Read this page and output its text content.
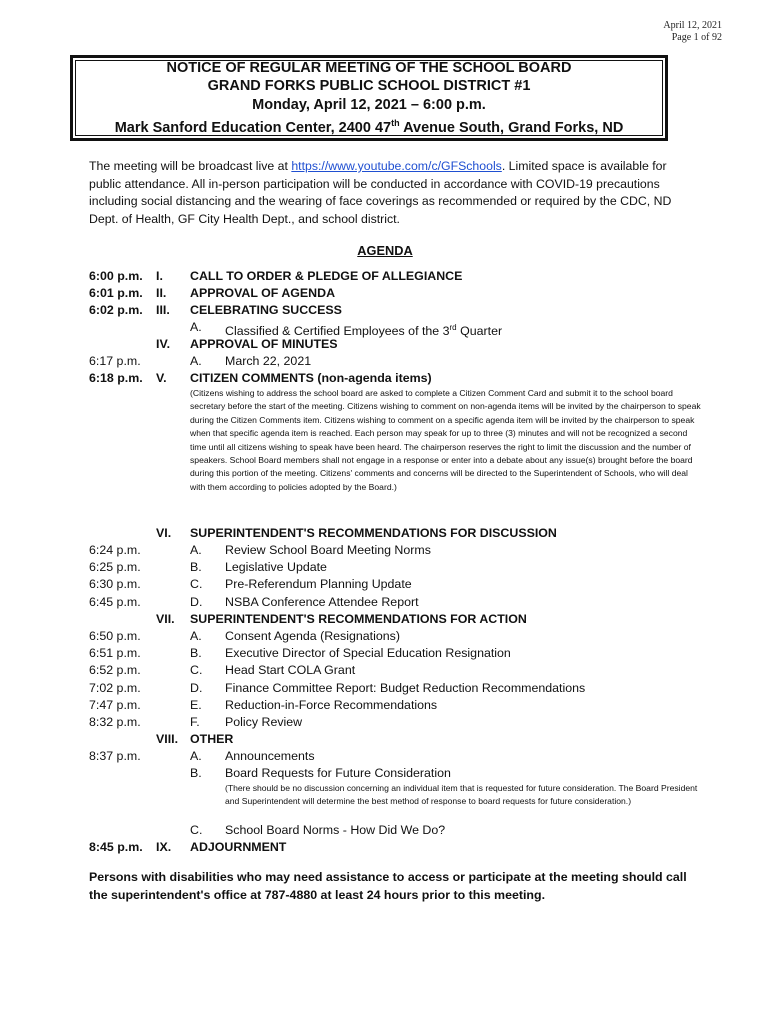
April 12, 2021
Page 1 of 92
NOTICE OF REGULAR MEETING OF THE SCHOOL BOARD
GRAND FORKS PUBLIC SCHOOL DISTRICT #1
Monday, April 12, 2021 – 6:00 p.m.
Mark Sanford Education Center, 2400 47th Avenue South, Grand Forks, ND
The meeting will be broadcast live at https://www.youtube.com/c/GFSchools. Limited space is available for public attendance. All in-person participation will be conducted in accordance with COVID-19 precautions including social distancing and the wearing of face coverings as recommended or required by the CDC, ND Dept. of Health, GF City Health Dept., and school district.
AGENDA
6:00 p.m. I. CALL TO ORDER & PLEDGE OF ALLEGIANCE
6:01 p.m. II. APPROVAL OF AGENDA
6:02 p.m. III. CELEBRATING SUCCESS
A. Classified & Certified Employees of the 3rd Quarter
IV. APPROVAL OF MINUTES
6:17 p.m.	A. March 22, 2021
6:18 p.m. V. CITIZEN COMMENTS (non-agenda items)
(Citizens wishing to address the school board are asked to complete a Citizen Comment Card and submit it to the school board secretary before the start of the meeting. Citizens wishing to comment on non-agenda items will be invited by the chairperson to speak during the Citizen Comments item. Citizens wishing to comment on a specific agenda item will be invited by the chairperson to speak when that specific agenda item is reached. Each person may speak for up to three (3) minutes and will not be recognized a second time until all citizens wishing to speak have been heard. The chairperson reserves the right to limit the discussion and the number of speakers. School Board members shall not engage in a response or enter into a debate about any issue(s) brought before the board during this portion of the meeting. Citizens' comments and concerns will be directed to the Superintendent of Schools, who will deal with them according to policies adopted by the Board.)
VI. SUPERINTENDENT'S RECOMMENDATIONS FOR DISCUSSION
6:24 p.m.	A. Review School Board Meeting Norms
6:25 p.m.	B. Legislative Update
6:30 p.m.	C. Pre-Referendum Planning Update
6:45 p.m.	D. NSBA Conference Attendee Report
VII. SUPERINTENDENT'S RECOMMENDATIONS FOR ACTION
6:50 p.m.	A. Consent Agenda (Resignations)
6:51 p.m.	B. Executive Director of Special Education Resignation
6:52 p.m.	C. Head Start COLA Grant
7:02 p.m.	D. Finance Committee Report: Budget Reduction Recommendations
7:47 p.m.	E. Reduction-in-Force Recommendations
8:32 p.m.	F. Policy Review
VIII. OTHER
8:37 p.m.	A. Announcements
B. Board Requests for Future Consideration
(There should be no discussion concerning an individual item that is requested for future consideration. The Board President and Superintendent will determine the best method of response to board requests for future consideration.)
C. School Board Norms - How Did We Do?
8:45 p.m. IX. ADJOURNMENT
Persons with disabilities who may need assistance to access or participate at the meeting should call the superintendent's office at 787-4880 at least 24 hours prior to this meeting.
